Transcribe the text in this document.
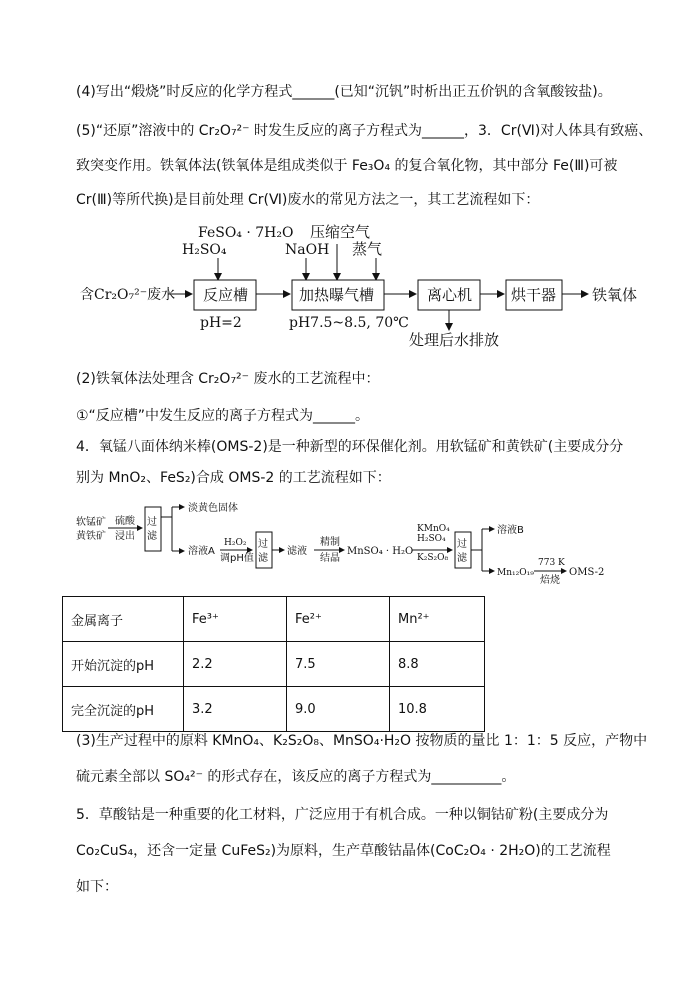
(4)写出“煅烧”时反应的化学方程式______(已知“沉钒”时析出正五价钒的含氧酸铵盐)。
(5)“还原”溶液中的 Cr₂O₇²⁻ 时发生反应的离子方程式为______，3．Cr(Ⅵ)对人体具有致癌、
致突变作用。铁氧体法(铁氧体是组成类似于 Fe₃O₄ 的复合氧化物，其中部分 Fe(Ⅲ)可被
Cr(Ⅲ)等所代换)是目前处理 Cr(Ⅵ)废水的常见方法之一，其工艺流程如下：
FeSO₄ · 7H₂O
H₂SO₄
压缩空气
NaOH 蒸气
含Cr₂O₇²⁻废水 反应槽	加热曝气槽	离心机	烘干器 铁氧体
pH=2	pH7.5~8.5, 70℃
处理后水排放
(2)铁氧体法处理含 Cr₂O₇²⁻ 废水的工艺流程中：
①“反应槽”中发生反应的离子方程式为______。
4．氧锰八面体纳米棒(OMS-2)是一种新型的环保催化剂。用软锰矿和黄铁矿(主要成分分
别为 MnO₂、FeS₂)合成 OMS-2 的工艺流程如下：
软锰矿
黄铁矿
硫酸
浸出
过
滤
淡黄色固体
溶液A
H₂O₂
调pH值
过
滤
滤液
精制
结晶
MnSO₄ · H₂O
KMnO₄
H₂SO₄
K₂S₂O₈
过
滤
溶液B
Mn₁₂O₁₉
773 K
焙烧
OMS-2
金属离子	Fe³⁺	Fe²⁺	Mn²⁺
开始沉淀的pH	2.2	7.5	8.8
完全沉淀的pH	3.2	9.0	10.8
(3)生产过程中的原料 KMnO₄、K₂S₂O₈、MnSO₄·H₂O 按物质的量比 1：1：5 反应，产物中
硫元素全部以 SO₄²⁻ 的形式存在，该反应的离子方程式为__________。
5．草酸钴是一种重要的化工材料，广泛应用于有机合成。一种以铜钴矿粉(主要成分为
Co₂CuS₄，还含一定量 CuFeS₂)为原料，生产草酸钴晶体(CoC₂O₄ · 2H₂O)的工艺流程
如下：
